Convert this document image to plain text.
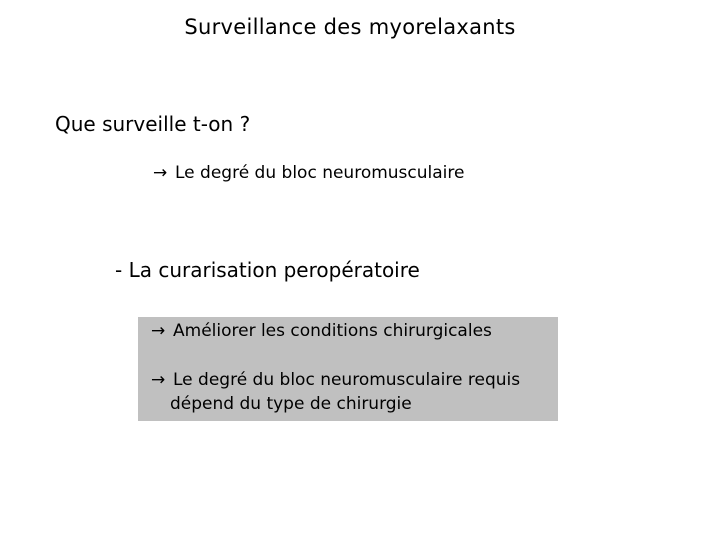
Surveillance des myorelaxants
Que surveille t-on ?
→ Le degré du bloc neuromusculaire
- La curarisation peropératoire
→ Améliorer les conditions chirurgicales
→ Le degré du bloc neuromusculaire requis
dépend du type de chirurgie
